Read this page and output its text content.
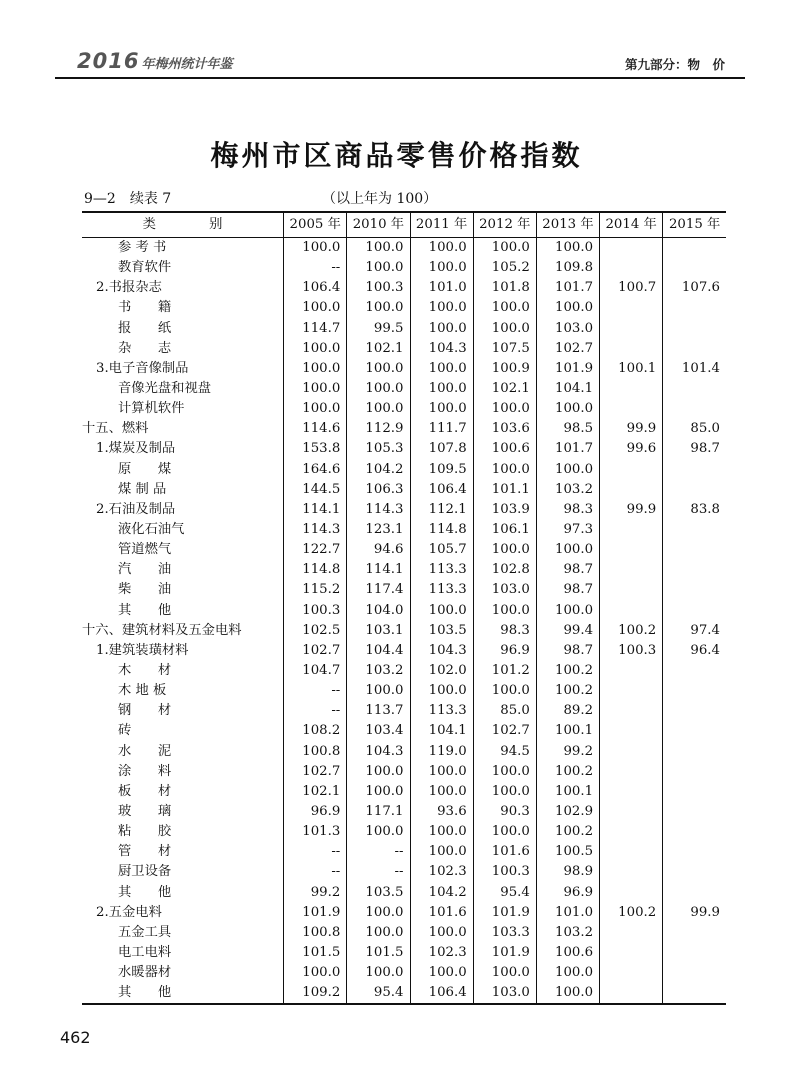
2016 年梅州统计年鉴	第九部分：物　价
梅州市区商品零售价格指数
9—2　续表 7	（以上年为 100）
类　　　　别	2005 年	2010 年	2011 年	2012 年	2013 年	2014 年	2015 年
参 考 书	100.0	100.0	100.0	100.0	100.0		
教育软件	--	100.0	100.0	105.2	109.8		
2.书报杂志	106.4	100.3	101.0	101.8	101.7	100.7	107.6
书　　籍	100.0	100.0	100.0	100.0	100.0		
报　　纸	114.7	99.5	100.0	100.0	103.0		
杂　　志	100.0	102.1	104.3	107.5	102.7		
3.电子音像制品	100.0	100.0	100.0	100.9	101.9	100.1	101.4
音像光盘和视盘	100.0	100.0	100.0	102.1	104.1		
计算机软件	100.0	100.0	100.0	100.0	100.0		
十五、燃料	114.6	112.9	111.7	103.6	98.5	99.9	85.0
1.煤炭及制品	153.8	105.3	107.8	100.6	101.7	99.6	98.7
原　　煤	164.6	104.2	109.5	100.0	100.0		
煤 制 品	144.5	106.3	106.4	101.1	103.2		
2.石油及制品	114.1	114.3	112.1	103.9	98.3	99.9	83.8
液化石油气	114.3	123.1	114.8	106.1	97.3		
管道燃气	122.7	94.6	105.7	100.0	100.0		
汽　　油	114.8	114.1	113.3	102.8	98.7		
柴　　油	115.2	117.4	113.3	103.0	98.7		
其　　他	100.3	104.0	100.0	100.0	100.0		
十六、建筑材料及五金电料	102.5	103.1	103.5	98.3	99.4	100.2	97.4
1.建筑装璜材料	102.7	104.4	104.3	96.9	98.7	100.3	96.4
木　　材	104.7	103.2	102.0	101.2	100.2		
木 地 板	--	100.0	100.0	100.0	100.2		
钢　　材	--	113.7	113.3	85.0	89.2		
砖	108.2	103.4	104.1	102.7	100.1		
水　　泥	100.8	104.3	119.0	94.5	99.2		
涂　　料	102.7	100.0	100.0	100.0	100.2		
板　　材	102.1	100.0	100.0	100.0	100.1		
玻　　璃	96.9	117.1	93.6	90.3	102.9		
粘　　胶	101.3	100.0	100.0	100.0	100.2		
管　　材	--	--	100.0	101.6	100.5		
厨卫设备	--	--	102.3	100.3	98.9		
其　　他	99.2	103.5	104.2	95.4	96.9		
2.五金电料	101.9	100.0	101.6	101.9	101.0	100.2	99.9
五金工具	100.8	100.0	100.0	103.3	103.2		
电工电料	101.5	101.5	102.3	101.9	100.6		
水暖器材	100.0	100.0	100.0	100.0	100.0		
其　　他	109.2	95.4	106.4	103.0	100.0		
462
